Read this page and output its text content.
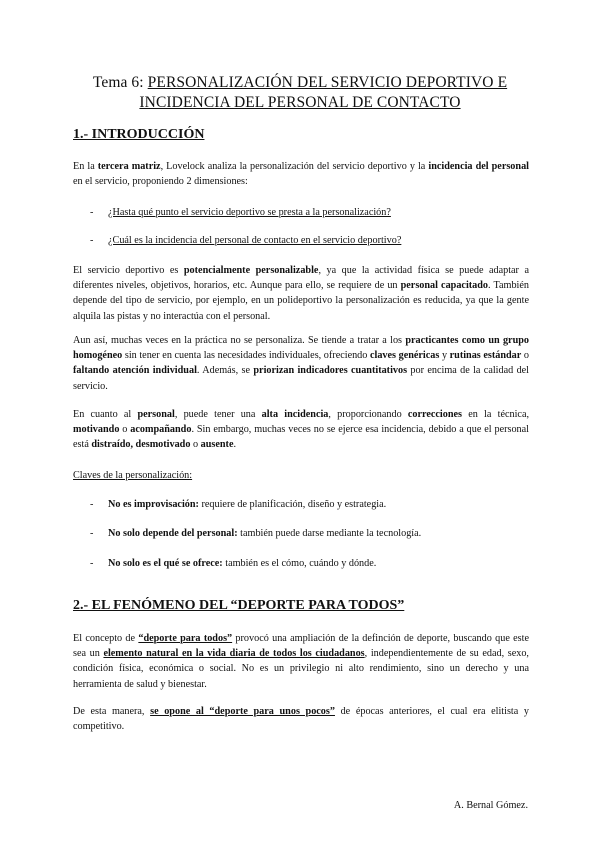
Tema 6: PERSONALIZACIÓN DEL SERVICIO DEPORTIVO E
INCIDENCIA DEL PERSONAL DE CONTACTO
1.- INTRODUCCIÓN
En la tercera matriz, Lovelock analiza la personalización del servicio deportivo y la incidencia del personal en el servicio, proponiendo 2 dimensiones:
- ¿Hasta qué punto el servicio deportivo se presta a la personalización?
- ¿Cuál es la incidencia del personal de contacto en el servicio deportivo?
El servicio deportivo es potencialmente personalizable, ya que la actividad física se puede adaptar a diferentes niveles, objetivos, horarios, etc. Aunque para ello, se requiere de un personal capacitado. También depende del tipo de servicio, por ejemplo, en un polideportivo la personalización es reducida, ya que la gente alquila las pistas y no interactúa con el personal.
Aun así, muchas veces en la práctica no se personaliza. Se tiende a tratar a los practicantes como un grupo homogéneo sin tener en cuenta las necesidades individuales, ofreciendo claves genéricas y rutinas estándar o faltando atención individual. Además, se priorizan indicadores cuantitativos por encima de la calidad del servicio.
En cuanto al personal, puede tener una alta incidencia, proporcionando correcciones en la técnica, motivando o acompañando. Sin embargo, muchas veces no se ejerce esa incidencia, debido a que el personal está distraído, desmotivado o ausente.
Claves de la personalización:
- No es improvisación: requiere de planificación, diseño y estrategia.
- No solo depende del personal: también puede darse mediante la tecnología.
- No solo es el qué se ofrece: también es el cómo, cuándo y dónde.
2.- EL FENÓMENO DEL “DEPORTE PARA TODOS”
El concepto de “deporte para todos” provocó una ampliación de la definción de deporte, buscando que este sea un elemento natural en la vida diaria de todos los ciudadanos, independientemente de su edad, sexo, condición física, económica o social. No es un privilegio ni alto rendimiento, sino un derecho y una herramienta de salud y bienestar.
De esta manera, se opone al “deporte para unos pocos” de épocas anteriores, el cual era elitista y competitivo.
A. Bernal Gómez.
